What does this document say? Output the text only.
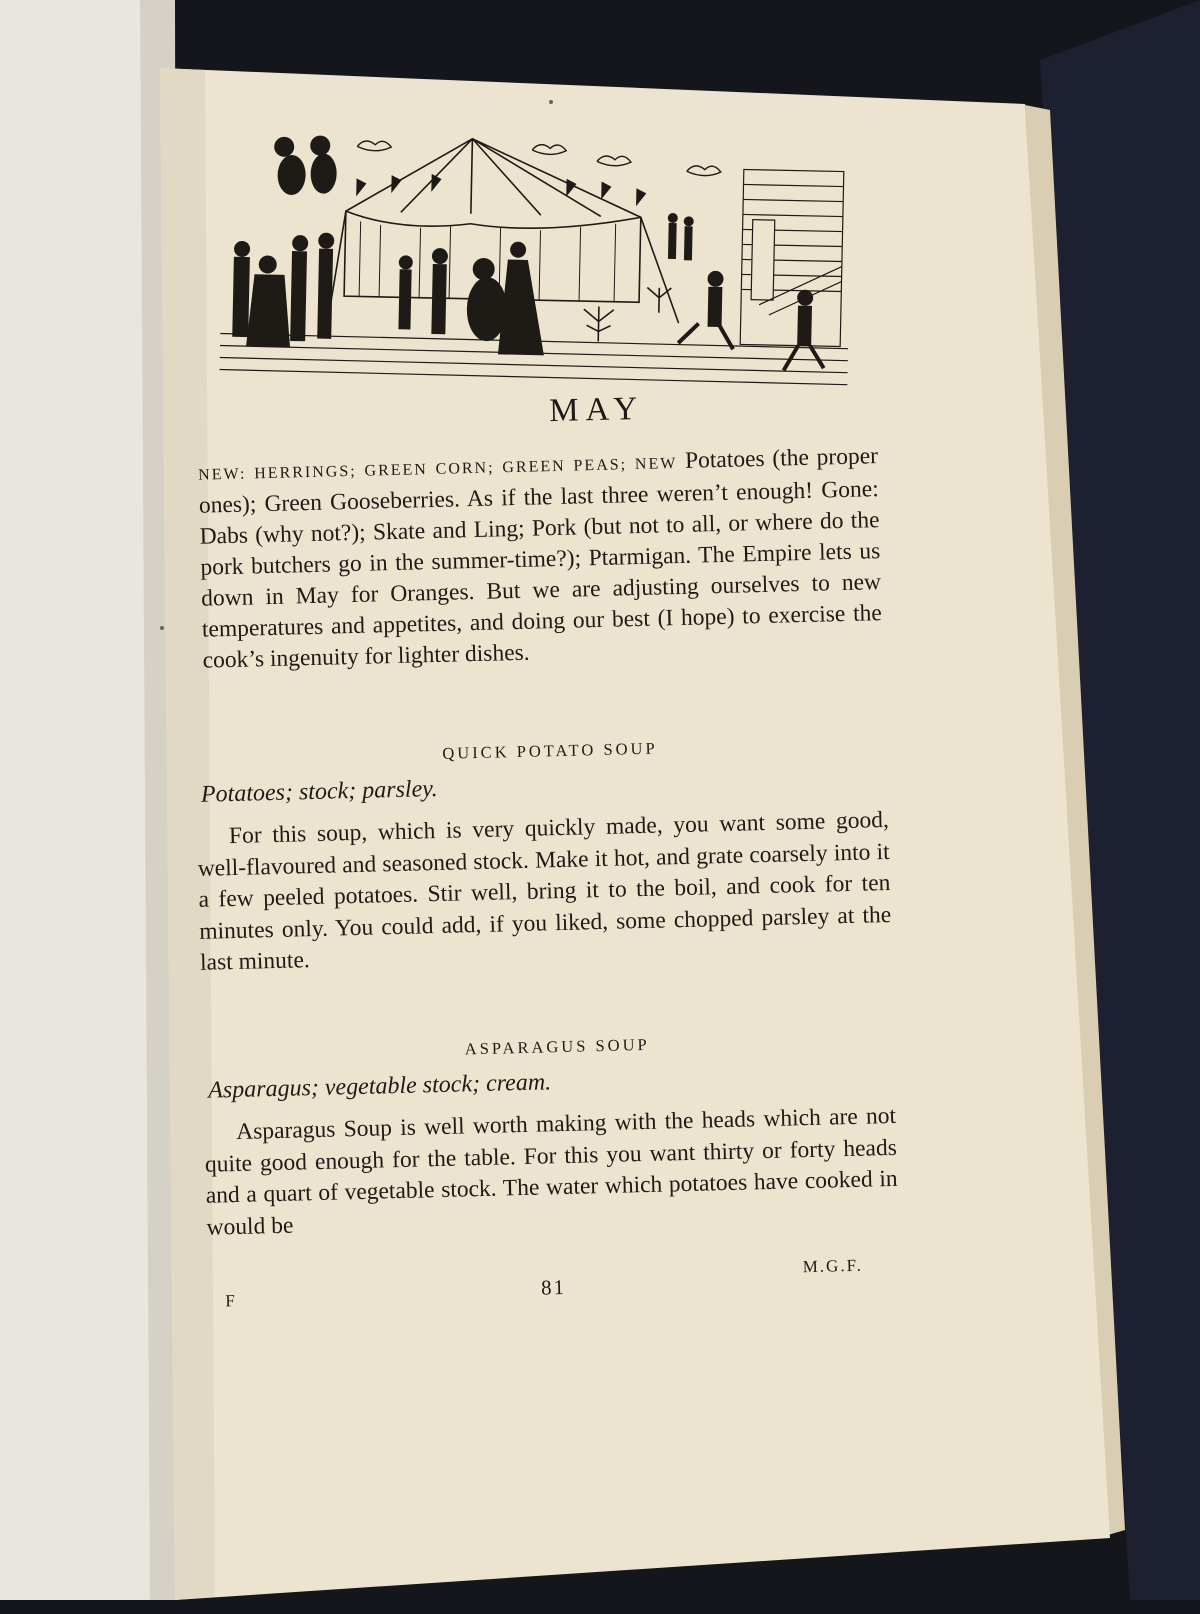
MAY
NEW: HERRINGS; GREEN CORN; GREEN PEAS; NEW Potatoes (the proper ones); Green Gooseberries. As if the last three weren’t enough! Gone: Dabs (why not?); Skate and Ling; Pork (but not to all, or where do the pork butchers go in the summer-time?); Ptarmigan. The Empire lets us down in May for Oranges. But we are adjusting ourselves to new temperatures and appetites, and doing our best (I hope) to exercise the cook’s ingenuity for lighter dishes.
QUICK POTATO SOUP
Potatoes; stock; parsley.
For this soup, which is very quickly made, you want some good, well-flavoured and seasoned stock. Make it hot, and grate coarsely into it a few peeled potatoes. Stir well, bring it to the boil, and cook for ten minutes only. You could add, if you liked, some chopped parsley at the last minute.
ASPARAGUS SOUP
Asparagus; vegetable stock; cream.
Asparagus Soup is well worth making with the heads which are not quite good enough for the table. For this you want thirty or forty heads and a quart of vegetable stock. The water which potatoes have cooked in would be
F
81
M.G.F.
